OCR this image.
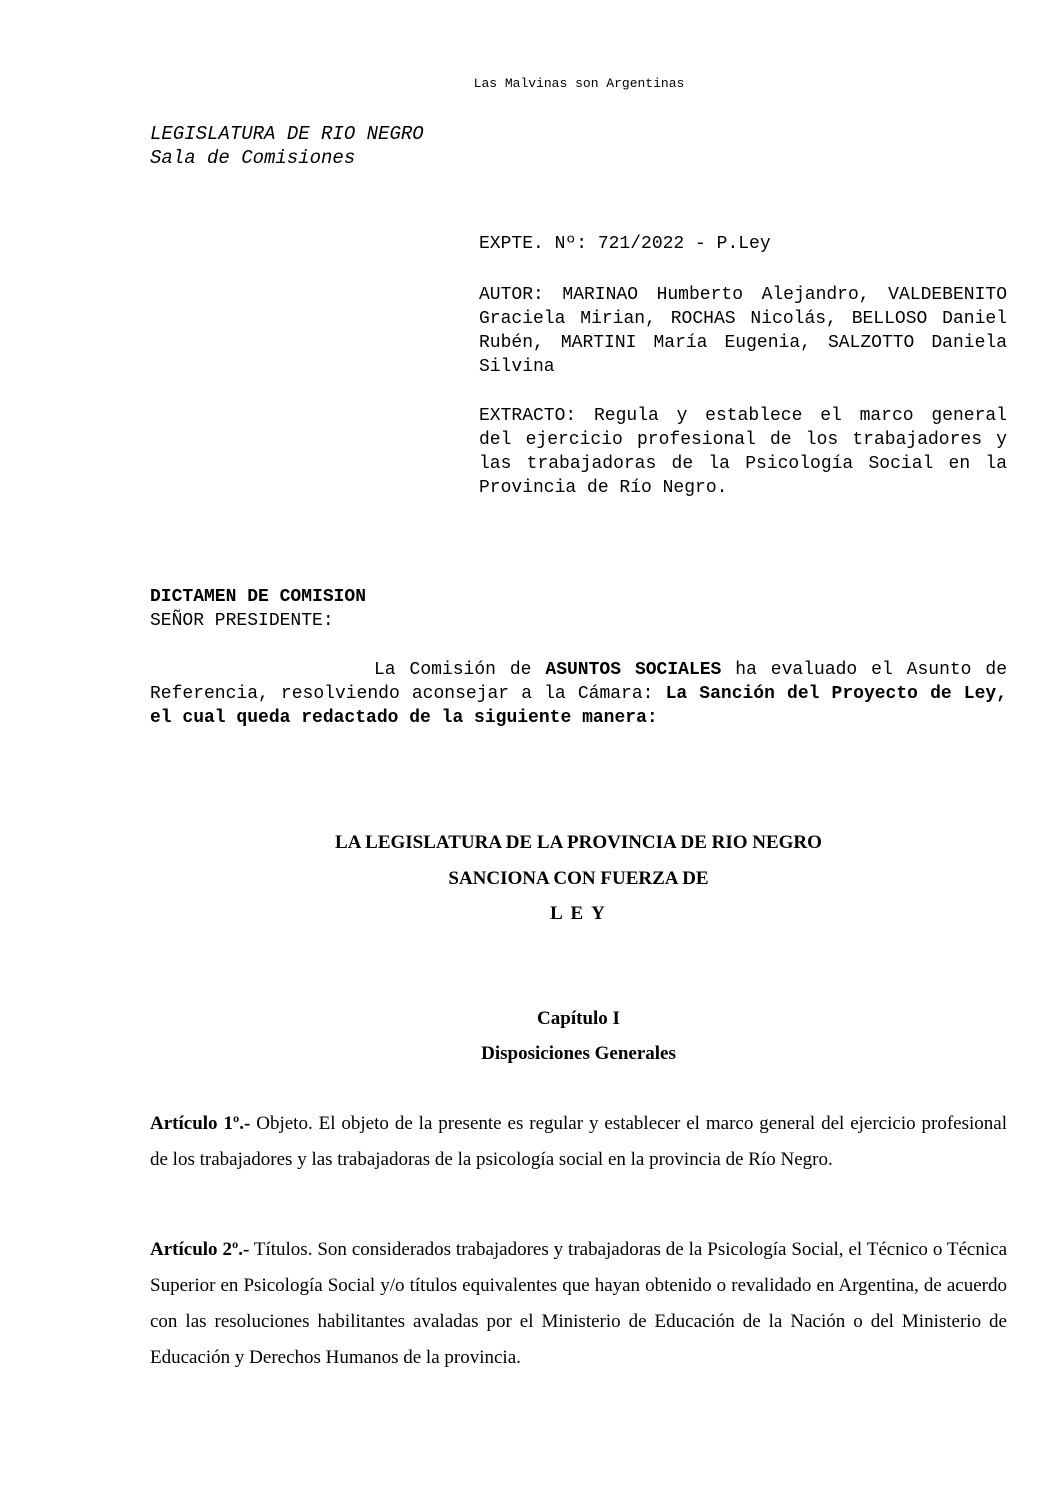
Las Malvinas son Argentinas
LEGISLATURA DE RIO NEGRO
Sala de Comisiones
EXPTE. Nº: 721/2022 - P.Ley
AUTOR: MARINAO Humberto Alejandro, VALDEBENITO Graciela Mirian, ROCHAS Nicolás, BELLOSO Daniel Rubén, MARTINI María Eugenia, SALZOTTO Daniela Silvina
EXTRACTO: Regula y establece el marco general del ejercicio profesional de los trabajadores y las trabajadoras de la Psicología Social en la Provincia de Río Negro.
DICTAMEN DE COMISION
SEÑOR PRESIDENTE:
La Comisión de ASUNTOS SOCIALES ha evaluado el Asunto de Referencia, resolviendo aconsejar a la Cámara: La Sanción del Proyecto de Ley, el cual queda redactado de la siguiente manera:
LA LEGISLATURA DE LA PROVINCIA DE RIO NEGRO
SANCIONA CON FUERZA DE
L E Y
Capítulo I
Disposiciones Generales
Artículo 1º.- Objeto. El objeto de la presente es regular y establecer el marco general del ejercicio profesional de los trabajadores y las trabajadoras de la psicología social en la provincia de Río Negro.
Artículo 2º.- Títulos. Son considerados trabajadores y trabajadoras de la Psicología Social, el Técnico o Técnica Superior en Psicología Social y/o títulos equivalentes que hayan obtenido o revalidado en Argentina, de acuerdo con las resoluciones habilitantes avaladas por el Ministerio de Educación de la Nación o del Ministerio de Educación y Derechos Humanos de la provincia.
